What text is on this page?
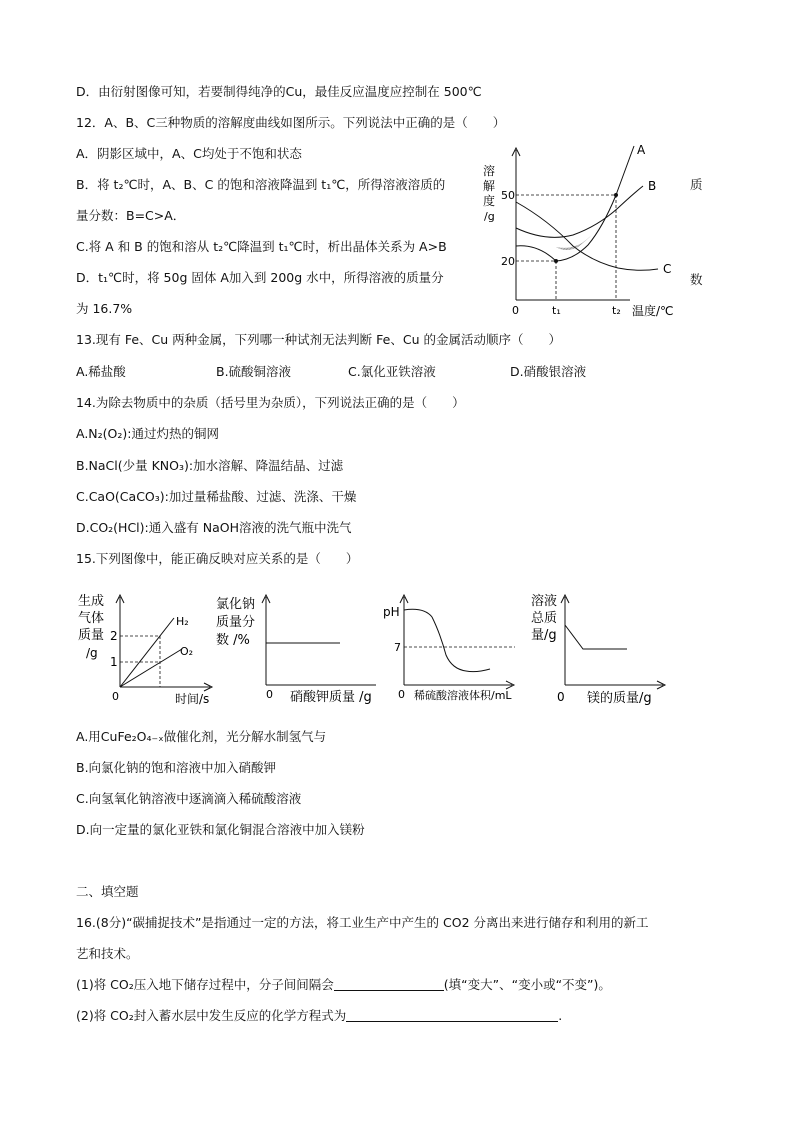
D．由衍射图像可知，若要制得纯净的Cu，最佳反应温度应控制在 500℃
12．A、B、C三种物质的溶解度曲线如图所示。下列说法中正确的是（　　）
A．阴影区域中，A、C均处于不饱和状态
B．将 t₂℃时，A、B、C 的饱和溶液降温到 t₁℃，所得溶液溶质的
量分数：B=C>A．
C.将 A 和 B 的饱和溶从 t₂℃降温到 t₁℃时，析出晶体关系为 A>B
D．t₁℃时，将 50g 固体 A加入到 200g 水中，所得溶液的质量分
为 16.7%
质
数
溶
解
度
/g
50
20
0	t₁	t₂ 温度/℃
A
B
C
13.现有 Fe、Cu 两种金属，下列哪一种试剂无法判断 Fe、Cu 的金属活动顺序（　　）
A.稀盐酸	B.硫酸铜溶液	C.氯化亚铁溶液	D.硝酸银溶液
14.为除去物质中的杂质（括号里为杂质），下列说法正确的是（　　）
A.N₂(O₂):通过灼热的铜网
B.NaCl(少量 KNO₃):加水溶解、降温结晶、过滤
C.CaO(CaCO₃):加过量稀盐酸、过滤、洗涤、干燥
D.CO₂(HCl):通入盛有 NaOH溶液的洗气瓶中洗气
15.下列图像中，能正确反映对应关系的是（　　）
生成
气体
质量
/g
2
1
0	时间/s
H₂
O₂
氯化钠
质量分
数 /%
0 硝酸钾质量 /g
pH
7
0 稀硫酸溶液体积/mL
溶液
总质
量/g
0 镁的质量/g
A.用CuFe₂O₄₋ₓ做催化剂，光分解水制氢气与
B.向氯化钠的饱和溶液中加入硝酸钾
C.向氢氧化钠溶液中逐滴滴入稀硫酸溶液
D.向一定量的氯化亚铁和氯化铜混合溶液中加入镁粉
二、填空题
16.(8分)“碳捕捉技术”是指通过一定的方法，将工业生产中产生的 CO2 分离出来进行储存和利用的新工
艺和技术。
(1)将 CO₂压入地下储存过程中，分子间间隔会	(填“变大”、“变小或“不变”)。
(2)将 CO₂封入蓄水层中发生反应的化学方程式为	.
